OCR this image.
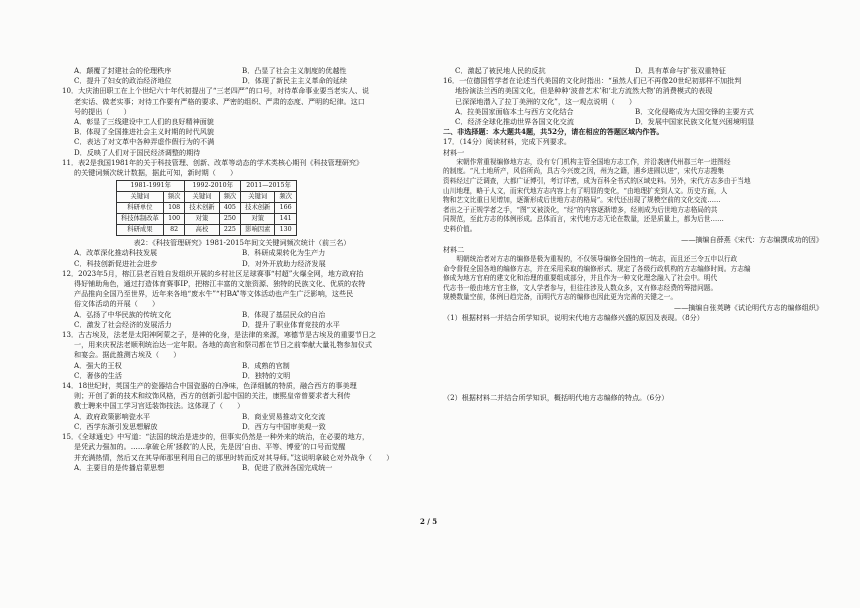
A．颠覆了封建社会的伦理秩序	B．凸显了社会主义制度的优越性
C．提升了妇女的政治经济地位	D．体现了新民主主义革命的延续
10．大庆油田职工在上个世纪六十年代初提出了“三老四严”的口号，对待革命事业要当老实人、说
老实话、做老实事；对待工作要有严格的要求、严密的组织、严肃的态度、严明的纪律。这口
号的提出（　　）
A．彰显了三线建设中工人们的良好精神面貌
B．体现了全国推进社会主义时期的时代风貌
C．表达了对文革中各种弄虚作假行为的不满
D．反映了人们对于国民经济调整的期待
11．表2是我国1981年的关于科技管理、创新、改革等动态的学术类核心期刊《科技管理研究》
的关键词频次统计数据，据此可知，新时期（　　）
1981-1991年		1992-2010年		2011—2015年	
关键词	频次	关键词	频次	关键词	频次
科研单位	108	技术创新	405	技术创新	166
科技体制改革	100	对策	250	对策	141
科研成果	82	高校	225	影响因素	130
表2：《科技管理研究》1981-2015年间文关键词频次统计（前三名）
A．改革深化推动科技发展	B．科研成果转化为生产力
C．科技创新促进社会进步	D．对外开放助力经济发展
12．2023年5月，榕江县老百姓自发组织开展的乡村社区足球赛事“村超”火爆全网，地方政府抬
得好铺助角色，通过打造体育赛事IP，把榕江丰富的文旅资源、独特的民族文化、优质的农特
产品推向全国乃至世界，近年来各地“废水牛”“村BA”等文体活动也产生广泛影响，这些民
俗文体活动的开展（　　）
A．弘扬了中华民族的传统文化	B．体现了基层民众的自治
C．激发了社会经济的发展活力	D．提升了职业体育竞技的水平
13．古古埃及，法老是太阳神阿蒙之子，是神的化身，是法律的来源，寒德节是古埃及的重要节日之
一，用来庆祝法老顺利统治达一定年限。各地的高官和祭司都在节日之前奉献大量礼物参加仪式
和宴会。据此推测古埃及（　　）
A．强大的王权	B．成熟的官制
C．奢侈的生活	D．独特的文明
14．18世纪时，英国生产的瓷器结合中国瓷器的白净味，色泽细腻的特质，融合西方的事美理
则；开创了新的技术和纹饰风格，西方的创新引起中国的关注，康熙皇帝曾要求者大利传
教士聘来中国工学习宫廷装饰技法。这体现了（　　）
A．政府政策影响瓷水平	B．商业贸易推动文化交流
C．西学东渐引发思想解放	D．西方与中国审美观一致
15．《全球通史》中写道：“法国的统治是进步的，但事实仍然是一种外来的统治，在必要的地方，
是凭武力强加的。……拿破仑所‘拯救’的人民，先是因‘自由、平等、博爱’的口号而觉醒
并充满热情，然后又在其导师那里利用自己的那里时转而反对其导师。”这说明拿破仑对外战争（　　）
A．主要目的是传播启蒙思想	B．促进了欧洲各国完成统一
C．激起了被民地人民的反抗	D．具有革命与扩张双重特征
16．一位德国哲学者在论述当代美国的文化时指出：“虽然人们已不再像20世纪初那样不加批判
地扮演法兰西的美国文化，但是种种‘波普艺术’和‘北方流然大物’的消费模式的表现
已深深地潜入了拉丁美洲的文化”，这一观点说明（　　）
A．拉美国家面临本土与西方文化结合	B．文化侵略成为大国交锋的主要方式
C．经济全球化推动世界各国文化交流	D．发展中国家民族文化复兴困境明显
二、非选择题：本大题共4题，共52分，请在相应的答题区域内作答。
17．（14分）阅读材料，完成下列要求。
材料一
　　宋朝作常重视编修地方志，设有专门机构主管全国地方志工作，并沿袭唐代州郡三年一进图经
的制度。“凡土地所产，风俗所尚，具古今兴废之因，州为之籍，遇乡进圆以进”，宋代方志搜集
资料经过广泛调查，大都广证博引，考订详密，成为百科全书式的区域史料。另外，宋代方志多由于当地
山川地理，略于人文，而宋代地方志内容上有了明显的变化，“由地理扩充到人文。历史方面，人
物和艺文比重日见增加，逐渐形成后世地方志的格局”。宋代还出现了规模空前的文化交流……
者出之于正规学者之手，“图”又被淡化，“经”的内容逐渐增多，经则成为后世地方志格局的共
同规范，至此方志的体例形成。总体而言，宋代地方志无论在数量，还是质量上，都为后世……
史料价值。
——摘编自薛燕《宋代：方志编撰成功的因》
材料二
　　明朝统治者对方志的编修是极为重视的，不仅领导编修全国性的一统志，而且还三令五申以行政
命令督促全国各地的编修方志，并在采用采取的编修形式、规定了各级行政机构的方志编修时间。方志编
修成为地方官府的建文化和治理的重要组成部分，并且作为一种文化理念融入了社会中。明代
代志书一般由地方官主修，文人学者参与，但往往涉及人数众多，又有修志经费的筹措问题。
规模数量空前，体例日趋完备，而明代方志的编修也因此更为完善的关键之一。
——摘编自张英聘《试论明代方志的编修组织》
（1）根据材料一并结合所学知识，说明宋代地方志编修兴盛的原因及表现。（8分）
（2）根据材料二并结合所学知识，概括明代地方志编修的特点。（6分）
2 / 5
